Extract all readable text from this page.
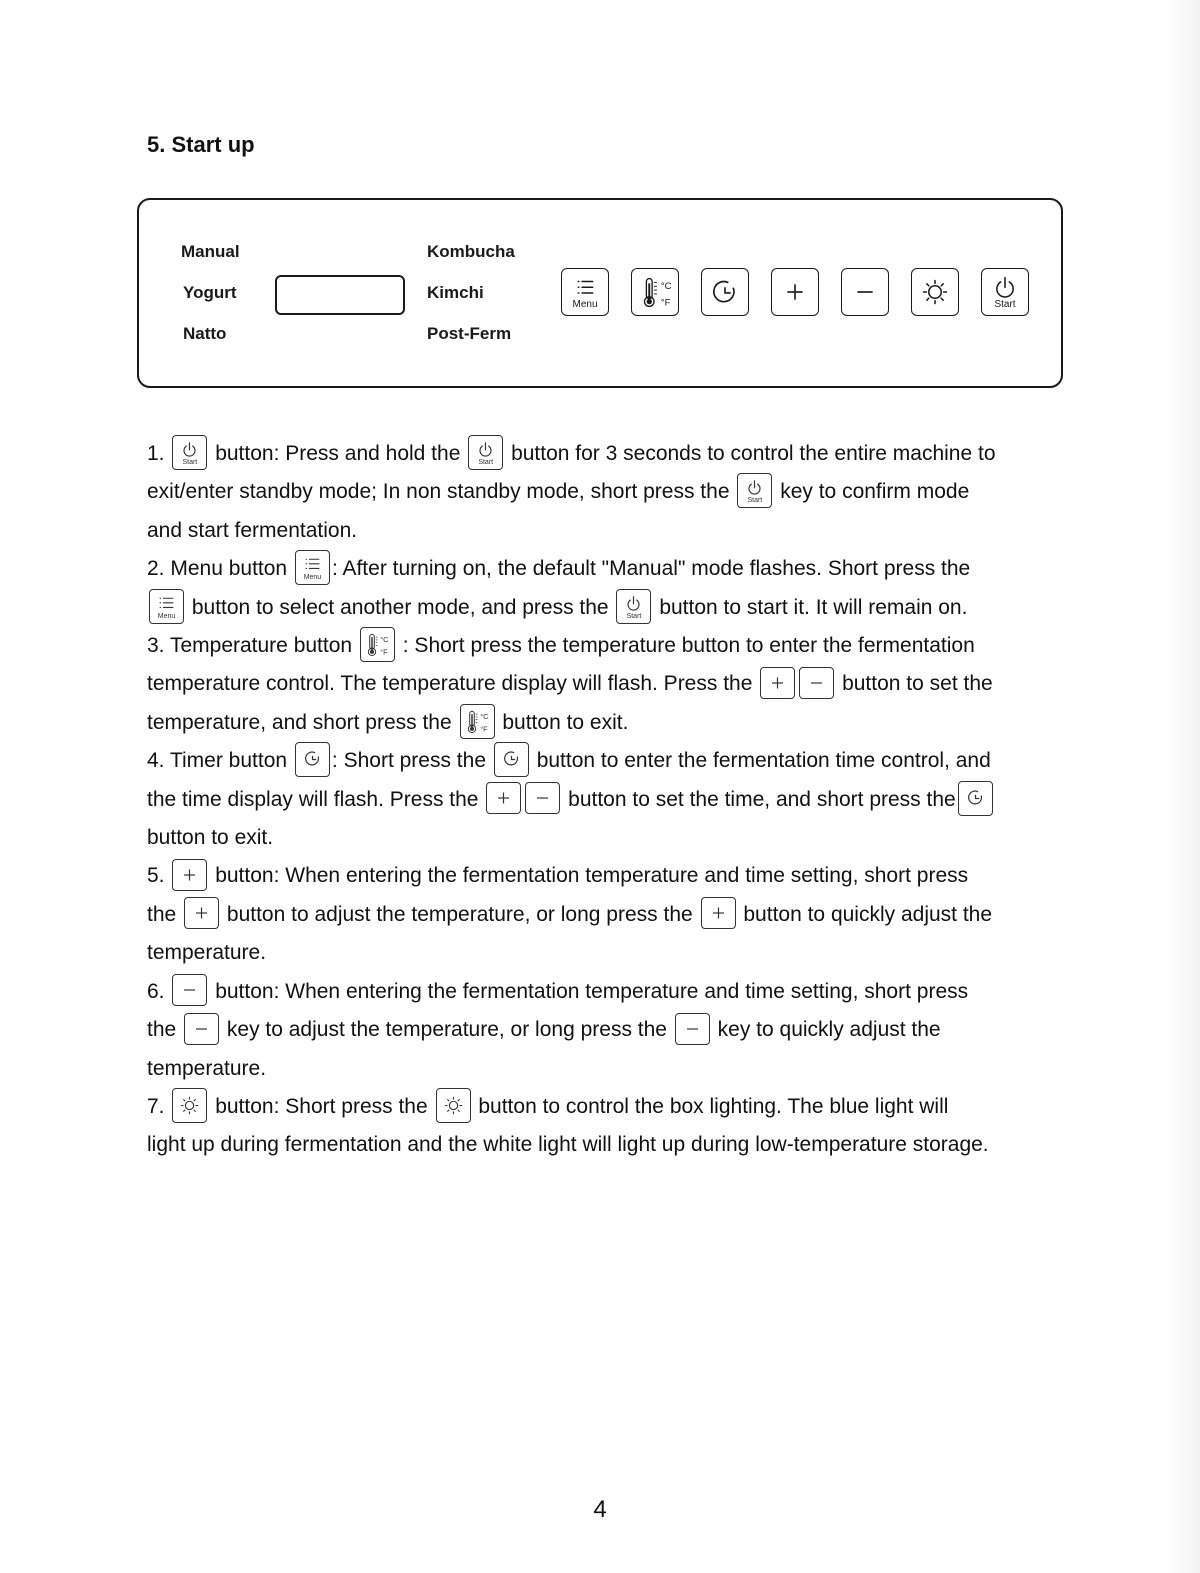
5. Start up
Manual
Yogurt
Natto
Kombucha
Kimchi
Post-Ferm
Menu
°C
°F	Start

1.	Start button: Press and hold the	Start button for 3 seconds to control the entire machine to

exit/enter standby mode; In non standby mode, short press the	Start key to confirm mode

and start fermentation.

2. Menu button	Menu : After turning on, the default "Manual" mode flashes. Short press the

Menu button to select another mode, and press the	Start button to start it. It will remain on.

3. Temperature button	°C
°F : Short press the temperature button to enter the fermentation

temperature control. The temperature display will flash. Press the	button to set the

temperature, and short press the	°C
°F button to exit.

4. Timer button : Short press the button to enter the fermentation time control, and

the time display will flash. Press the	button to set the time, and short press the

button to exit.

5. button: When entering the fermentation temperature and time setting, short press

the button to adjust the temperature, or long press the button to quickly adjust the

temperature.

6. button: When entering the fermentation temperature and time setting, short press

the key to adjust the temperature, or long press the key to quickly adjust the

temperature.

7. button: Short press the button to control the box lighting. The blue light will

light up during fermentation and the white light will light up during low-temperature storage.

4
